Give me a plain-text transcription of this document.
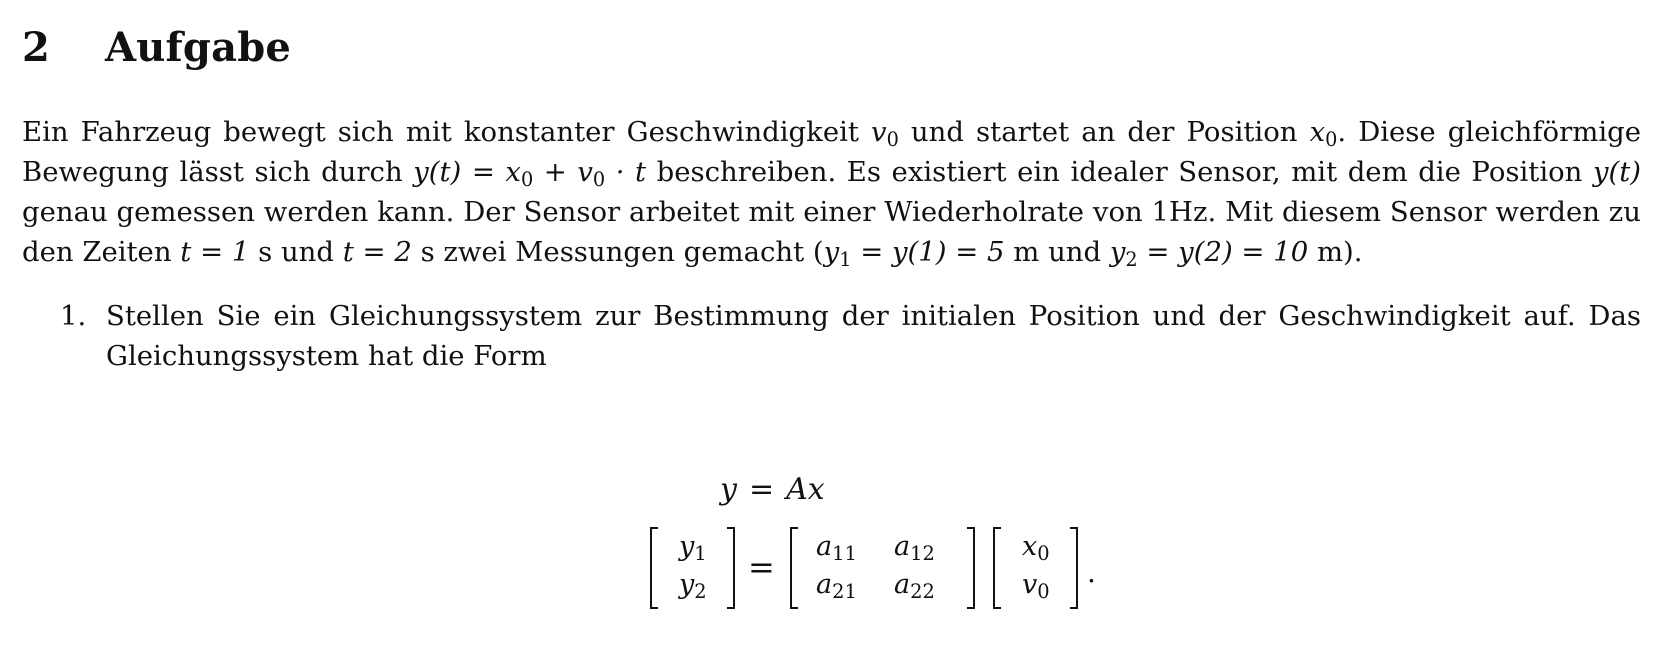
2 Aufgabe
Ein Fahrzeug bewegt sich mit konstanter Geschwindigkeit $v_0$ und startet an der Position $x_0$. Diese gleichförmige Bewegung lässt sich durch $y(t) = x_0 + v_0 \cdot t$ beschreiben. Es existiert ein idealer Sensor, mit dem die Position y(t) genau gemessen werden kann. Der Sensor arbeitet mit einer Wiederholrate von 1Hz. Mit diesem Sensor werden zu den Zeiten t = 1 s und t = 2 s zwei Messungen gemacht ($y_1 = y(1) = 5$ m und $y_2 = y(2) = 10$ m).
1. Stellen Sie ein Gleichungssystem zur Bestimmung der initialen Position und der Geschwindigkeit auf. Das Gleichungssystem hat die Form
y = Ax
$y_1$
$y_2$
=
$a_{11}$ $a_{12}$
$a_{21}$ $a_{22}$
$x_0$
$v_0$
.
